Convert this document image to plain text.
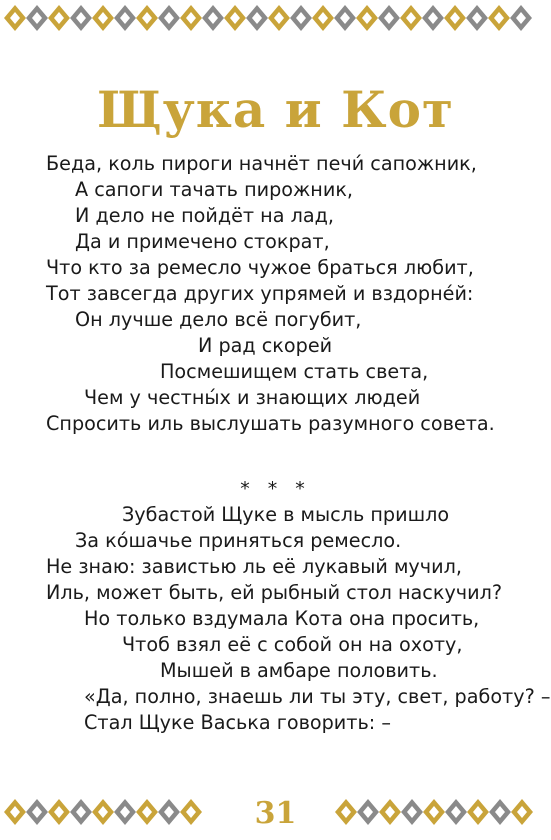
Щука и Кот
Беда, коль пироги начнёт печи́ сапожник,
А сапоги тачать пирожник,
И дело не пойдёт на лад,
Да и примечено стократ,
Что кто за ремесло чужое браться любит,
Тот завсегда других упрямей и вздорне́й:
Он лучше дело всё погубит,
И рад скорей
Посмешищем стать света,
Чем у честны́х и знающих людей
Спросить иль выслушать разумного совета.
Зубастой Щуке в мысль пришло
За ко́шачье приняться ремесло.
Не знаю: завистью ль её лукавый мучил,
Иль, может быть, ей рыбный стол наскучил?
Но только вздумала Кота она просить,
Чтоб взял её с собой он на охоту,
Мышей в амбаре половить.
«Да, полно, знаешь ли ты эту, свет, работу? –
Стал Щуке Васька говорить: –
* * *
31
